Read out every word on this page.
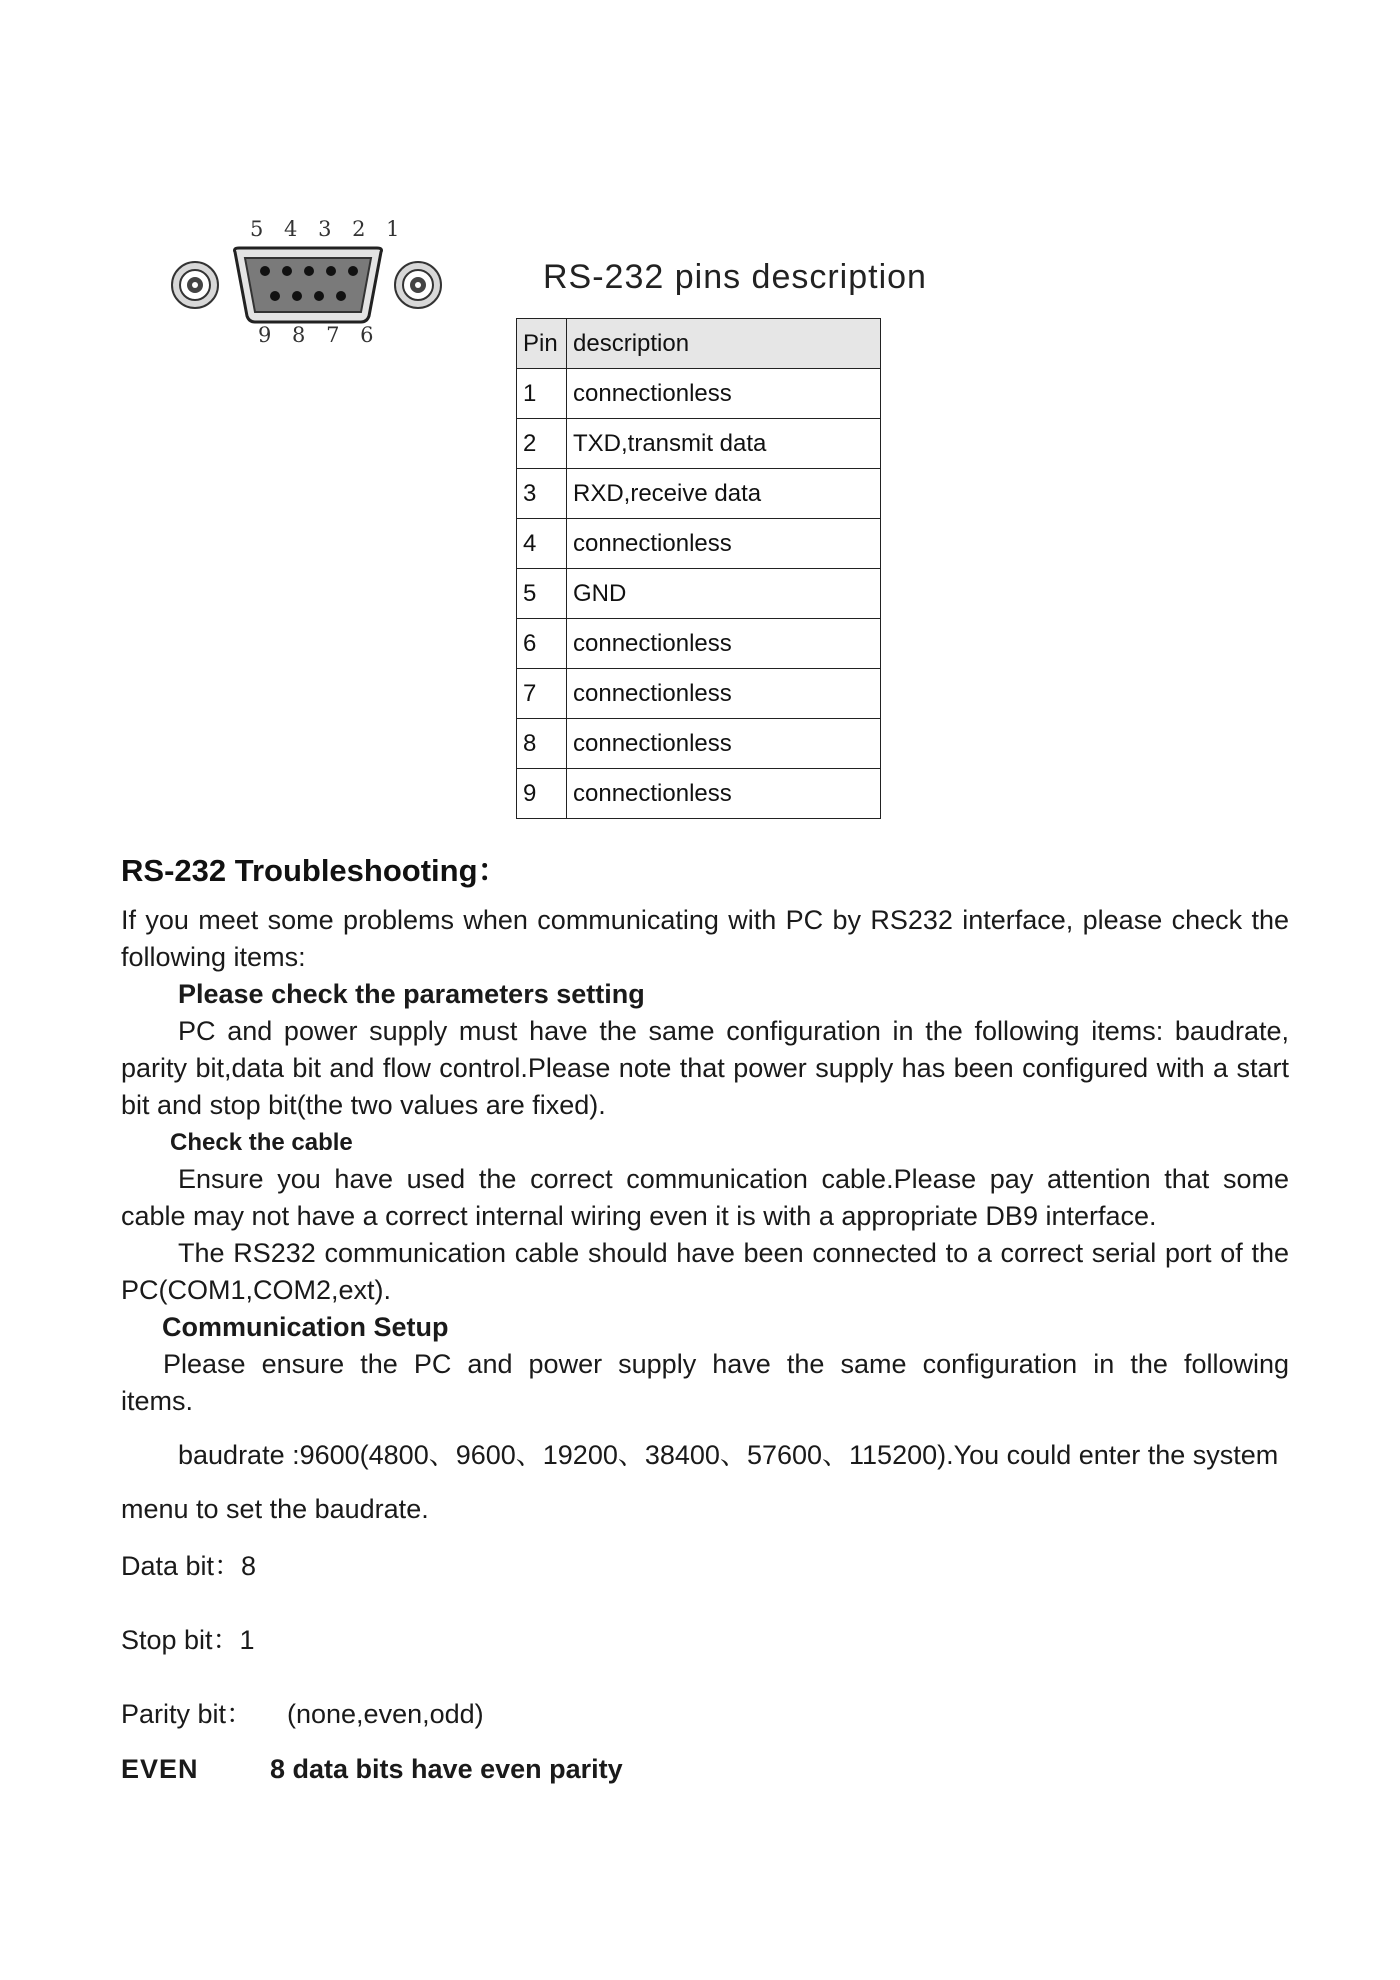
5 4 3 2 1
9 8 7 6
RS-232 pins description
Pin	description
1	connectionless
2	TXD,transmit data
3	RXD,receive data
4	connectionless
5	GND
6	connectionless
7	connectionless
8	connectionless
9	connectionless
RS-232 Troubleshooting：
If you meet some problems when communicating with PC by RS232 interface, please check the following items:
Please check the parameters setting
PC and power supply must have the same configuration in the following items: baudrate, parity bit,data bit and flow control.Please note that power supply has been configured with a start bit and stop bit(the two values are fixed).
Check the cable
Ensure you have used the correct communication cable.Please pay attention that some cable may not have a correct internal wiring even it is with a appropriate DB9 interface.
The RS232 communication cable should have been connected to a correct serial port of the PC(COM1,COM2,ext).
Communication Setup
Please ensure the PC and power supply have the same configuration in the following items.
baudrate :9600(4800、9600、19200、38400、57600、115200).You could enter the system
menu to set the baudrate.
Data bit：8
Stop bit：1
Parity bit： (none,even,odd)
EVEN	8 data bits have even parity
